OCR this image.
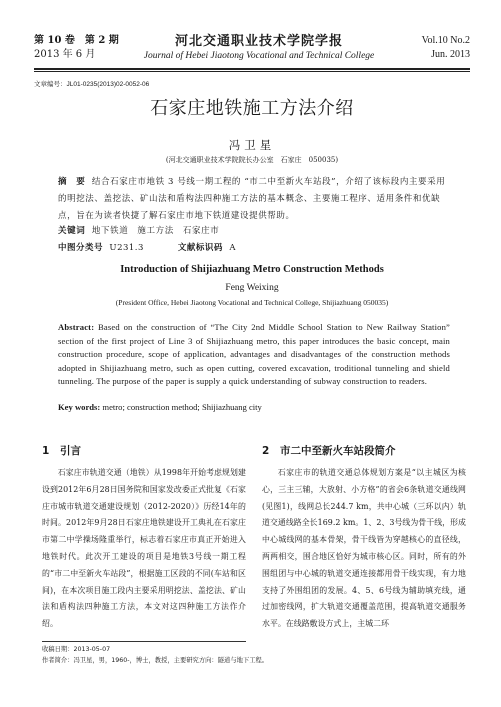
第 10 卷　第 2 期
2013 年 6 月
河北交通职业技术学院学报
Journal of Hebei Jiaotong Vocational and Technical College
Vol.10 No.2
Jun. 2013
文章编号：JL01-0235(2013)02-0052-06
石家庄地铁施工方法介绍
冯卫星
(河北交通职业技术学院院长办公室　石家庄　050035)
摘　要 结合石家庄市地铁 3 号线一期工程的 “市二中至新火车站段”，介绍了该标段内主要采用的明挖法、盖挖法、矿山法和盾构法四种施工方法的基本概念、主要施工程序、适用条件和优缺点，旨在为读者快捷了解石家庄市地下铁道建设提供帮助。
关键词 地下铁道　施工方法　石家庄市
中图分类号 U231.3	文献标识码 A
Introduction of Shijiazhuang Metro Construction Methods
Feng Weixing
(President Office, Hebei Jiaotong Vocational and Technical College, Shijiazhuang 050035)
Abstract: Based on the construction of “The City 2nd Middle School Station to New Railway Station” section of the first project of Line 3 of Shijiazhuang metro, this paper introduces the basic concept, main construction procedure, scope of application, advantages and disadvantages of the construction methods adopted in Shijiazhuang metro, such as open cutting, covered excavation, troditional tunneling and shield tunneling. The purpose of the paper is supply a quick understanding of subway construction to readers.
Key words: metro; construction method; Shijiazhuang city
1 引言	2 市二中至新火车站段简介

石家庄市轨道交通（地铁）从1998年开始考虑规划建设到2012年6月28日国务院和国家发改委正式批复《石家庄市城市轨道交通建设规划（2012-2020）》历经14年的时间。2012年9月28日石家庄地铁建设开工典礼在石家庄市第二中学操场隆重举行，标志着石家庄市真正开始进入地铁时代。此次开工建设的项目是地铁3号线一期工程的“市二中至新火车站段”，根据施工区段的不同(车站和区间)，在本次项目施工段内主要采用明挖法、盖挖法、矿山法和盾构法四种施工方法，本文对这四种施工方法作介绍。

石家庄市的轨道交通总体规划方案是“以主城区为核心，三主三辅，大放射、小方格”的省会6条轨道交通线网(见图1)，线网总长244.7 km，共中心城（三环以内）轨道交通线路全长169.2 km。1、2、3号线为骨干线，形成中心城线网的基本骨架，骨干线皆为穿越核心的直径线，两两相交，围合地区恰好为城市核心区。同时，所有的外围组团与中心城的轨道交通连接都用骨干线实现，有力地支持了外围组团的发展。4、5、6号线为辅助填充线，通过加密线网，扩大轨道交通覆盖范围，提高轨道交通服务水平。在线路敷设方式上，主城二环

收稿日期：2013-05-07
作者简介：冯卫星，男，1960-，博士，教授，主要研究方向：隧道与地下工程。
